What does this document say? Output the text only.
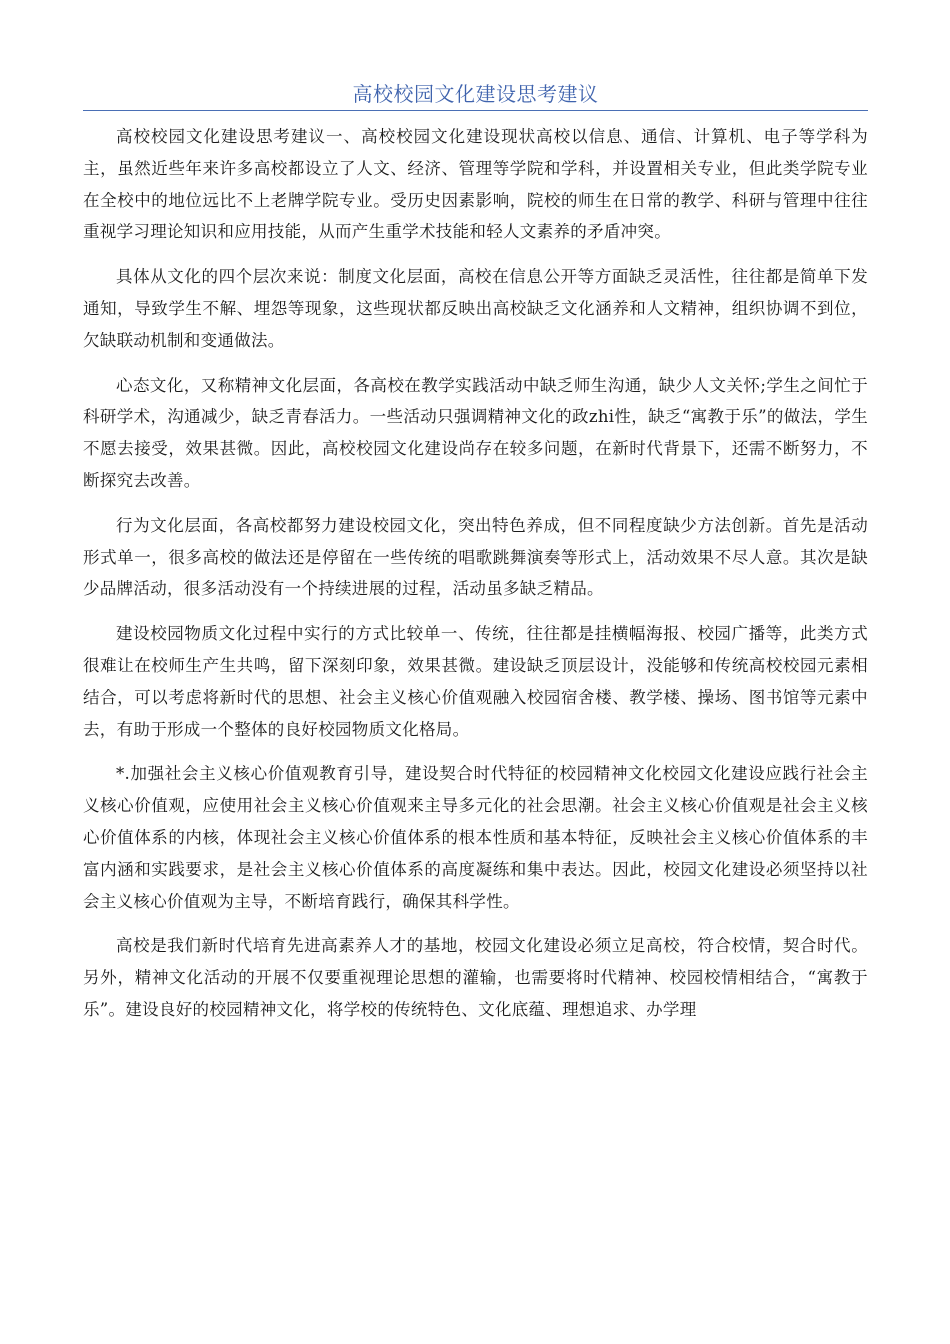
高校校园文化建设思考建议

高校校园文化建设思考建议一、高校校园文化建设现状高校以信息、通信、计算机、电子等学科为主，虽然近些年来许多高校都设立了人文、经济、管理等学院和学科，并设置相关专业，但此类学院专业在全校中的地位远比不上老牌学院专业。受历史因素影响，院校的师生在日常的教学、科研与管理中往往重视学习理论知识和应用技能，从而产生重学术技能和轻人文素养的矛盾冲突。

具体从文化的四个层次来说：制度文化层面，高校在信息公开等方面缺乏灵活性，往往都是简单下发通知，导致学生不解、埋怨等现象，这些现状都反映出高校缺乏文化涵养和人文精神，组织协调不到位，欠缺联动机制和变通做法。

心态文化，又称精神文化层面，各高校在教学实践活动中缺乏师生沟通，缺少人文关怀;学生之间忙于科研学术，沟通减少，缺乏青春活力。一些活动只强调精神文化的政zhi性，缺乏“寓教于乐”的做法，学生不愿去接受，效果甚微。因此，高校校园文化建设尚存在较多问题，在新时代背景下，还需不断努力，不断探究去改善。

行为文化层面，各高校都努力建设校园文化，突出特色养成，但不同程度缺少方法创新。首先是活动形式单一，很多高校的做法还是停留在一些传统的唱歌跳舞演奏等形式上，活动效果不尽人意。其次是缺少品牌活动，很多活动没有一个持续进展的过程，活动虽多缺乏精品。

建设校园物质文化过程中实行的方式比较单一、传统，往往都是挂横幅海报、校园广播等，此类方式很难让在校师生产生共鸣，留下深刻印象，效果甚微。建设缺乏顶层设计，没能够和传统高校校园元素相结合，可以考虑将新时代的思想、社会主义核心价值观融入校园宿舍楼、教学楼、操场、图书馆等元素中去，有助于形成一个整体的良好校园物质文化格局。

*.加强社会主义核心价值观教育引导，建设契合时代特征的校园精神文化校园文化建设应践行社会主义核心价值观，应使用社会主义核心价值观来主导多元化的社会思潮。社会主义核心价值观是社会主义核心价值体系的内核，体现社会主义核心价值体系的根本性质和基本特征，反映社会主义核心价值体系的丰富内涵和实践要求，是社会主义核心价值体系的高度凝练和集中表达。因此，校园文化建设必须坚持以社会主义核心价值观为主导，不断培育践行，确保其科学性。

高校是我们新时代培育先进高素养人才的基地，校园文化建设必须立足高校，符合校情，契合时代。另外，精神文化活动的开展不仅要重视理论思想的灌输，也需要将时代精神、校园校情相结合，“寓教于乐”。建设良好的校园精神文化，将学校的传统特色、文化底蕴、理想追求、办学理
